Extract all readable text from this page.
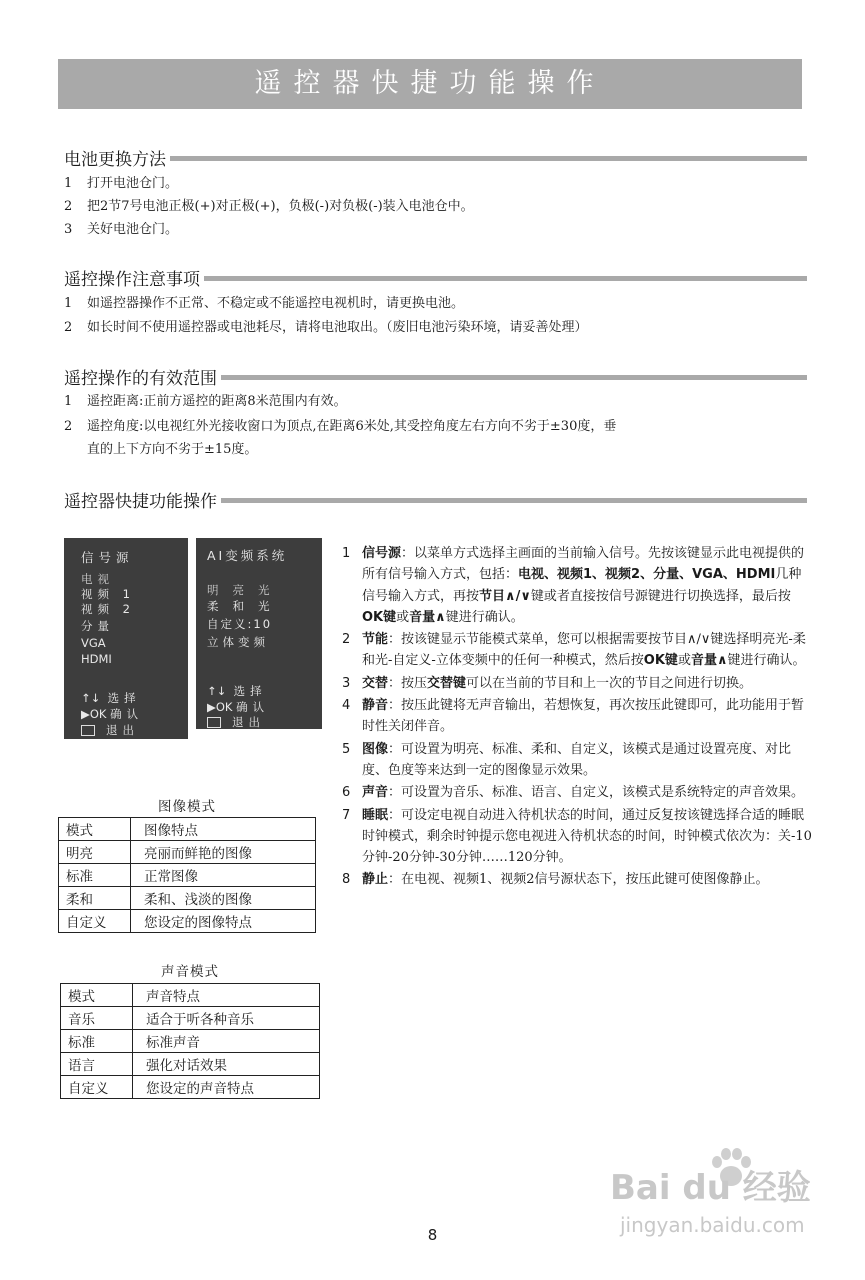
遥控器快捷功能操作
电池更换方法
1 打开电池仓门。
2 把2节7号电池正极(+)对正极(+)，负极(-)对负极(-)装入电池仓中。
3 关好电池仓门。
遥控操作注意事项
1 如遥控器操作不正常、不稳定或不能遥控电视机时，请更换电池。
2 如长时间不使用遥控器或电池耗尽，请将电池取出。（废旧电池污染环境，请妥善处理）
遥控操作的有效范围
1 遥控距离:正前方遥控的距离8米范围内有效。
2 遥控角度:以电视红外光接收窗口为顶点,在距离6米处,其受控角度左右方向不劣于±30度，垂
直的上下方向不劣于±15度。
遥控器快捷功能操作
信号源
电视
视频 1
视频 2
分量
VGA
HDMI
↑↓ 选择
▶OK 确认
退出
AI变频系统
明亮光
柔和光
自定义:10
立体变频
↑↓ 选择
▶OK 确认
退出
图像模式
模式	图像特点
明亮	亮丽而鲜艳的图像
标准	正常图像
柔和	柔和、浅淡的图像
自定义	您设定的图像特点
声音模式
模式	声音特点
音乐	适合于听各种音乐
标准	标准声音
语言	强化对话效果
自定义	您设定的声音特点
1 信号源：以菜单方式选择主画面的当前输入信号。先按该键显示此电视提供的所有信号输入方式，包括：电视、视频1、视频2、分量、VGA、HDMI几种信号输入方式，再按节目∧/∨键或者直接按信号源键进行切换选择，最后按OK键或音量∧键进行确认。
2 节能：按该键显示节能模式菜单，您可以根据需要按节目∧/∨键选择明亮光-柔和光-自定义-立体变频中的任何一种模式，然后按OK键或音量∧键进行确认。
3 交替：按压交替键可以在当前的节目和上一次的节目之间进行切换。
4 静音：按压此键将无声音输出，若想恢复，再次按压此键即可，此功能用于暂时性关闭伴音。
5 图像：可设置为明亮、标准、柔和、自定义，该模式是通过设置亮度、对比度、色度等来达到一定的图像显示效果。
6 声音：可设置为音乐、标准、语言、自定义，该模式是系统特定的声音效果。
7 睡眠：可设定电视自动进入待机状态的时间，通过反复按该键选择合适的睡眠时钟模式，剩余时钟提示您电视进入待机状态的时间，时钟模式依次为：关-10分钟-20分钟-30分钟……120分钟。
8 静止：在电视、视频1、视频2信号源状态下，按压此键可使图像静止。
8
Bai du 经验
jingyan.baidu.com
